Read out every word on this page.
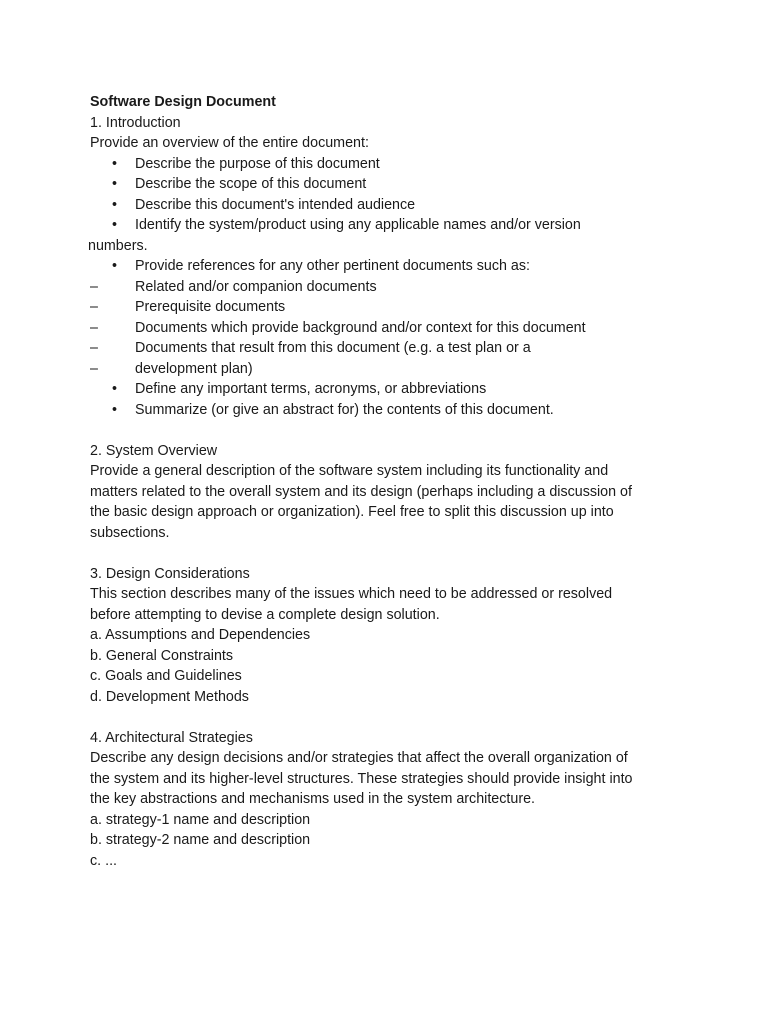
Software Design Document
1. Introduction
Provide an overview of the entire document:
• Describe the purpose of this document
• Describe the scope of this document
• Describe this document's intended audience
• Identify the system/product using any applicable names and/or version
numbers.
• Provide references for any other pertinent documents such as:
–	Related and/or companion documents
–	Prerequisite documents
–	Documents which provide background and/or context for this document
–	Documents that result from this document (e.g. a test plan or a
–	development plan)
• Define any important terms, acronyms, or abbreviations
• Summarize (or give an abstract for) the contents of this document.
2. System Overview
Provide a general description of the software system including its functionality and
matters related to the overall system and its design (perhaps including a discussion of
the basic design approach or organization). Feel free to split this discussion up into
subsections.
3. Design Considerations
This section describes many of the issues which need to be addressed or resolved
before attempting to devise a complete design solution.
a. Assumptions and Dependencies
b. General Constraints
c. Goals and Guidelines
d. Development Methods
4. Architectural Strategies
Describe any design decisions and/or strategies that affect the overall organization of
the system and its higher-level structures. These strategies should provide insight into
the key abstractions and mechanisms used in the system architecture.
a. strategy-1 name and description
b. strategy-2 name and description
c. ...
